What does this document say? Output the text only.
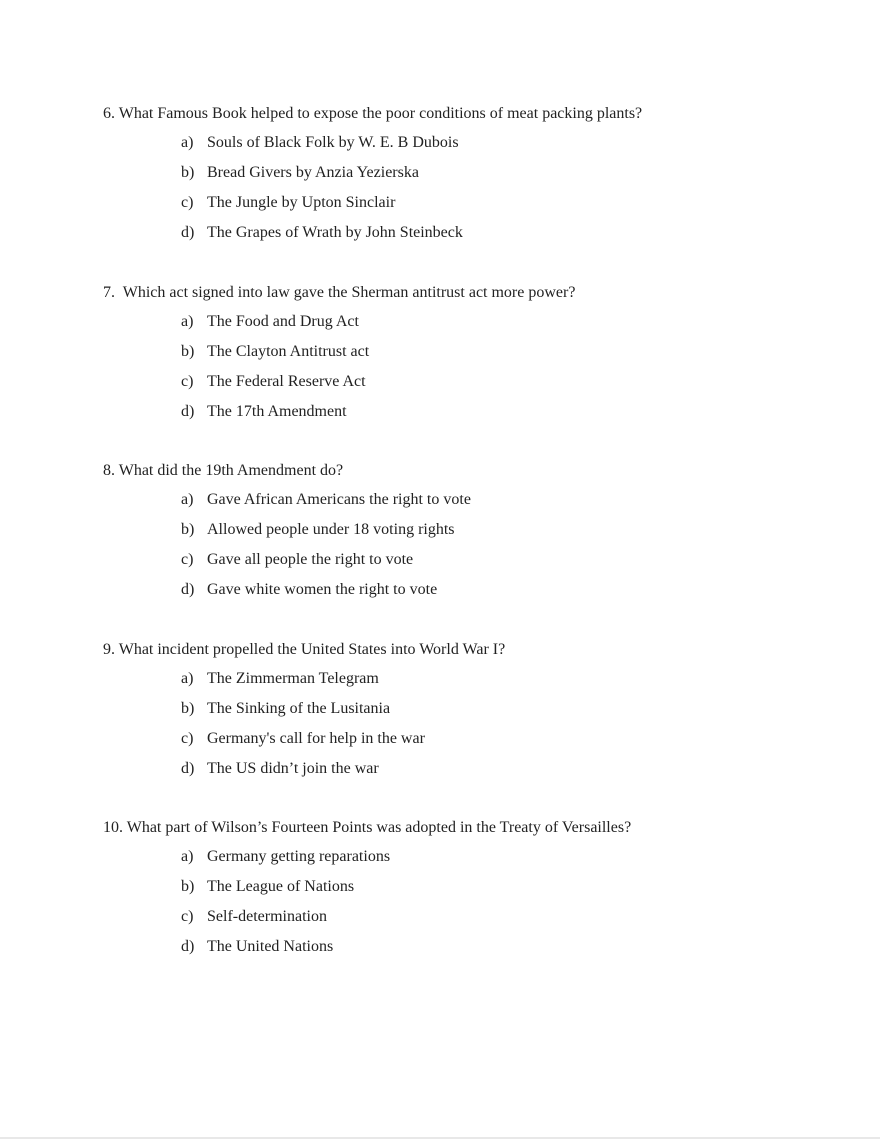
6. What Famous Book helped to expose the poor conditions of meat packing plants?

a) Souls of Black Folk by W. E. B Dubois
b) Bread Givers by Anzia Yezierska
c) The Jungle by Upton Sinclair
d) The Grapes of Wrath by John Steinbeck

7.  Which act signed into law gave the Sherman antitrust act more power?

a) The Food and Drug Act
b) The Clayton Antitrust act
c) The Federal Reserve Act
d) The 17th Amendment

8. What did the 19th Amendment do?

a) Gave African Americans the right to vote
b) Allowed people under 18 voting rights
c) Gave all people the right to vote
d) Gave white women the right to vote

9. What incident propelled the United States into World War I?

a) The Zimmerman Telegram
b) The Sinking of the Lusitania
c) Germany's call for help in the war
d) The US didn’t join the war

10. What part of Wilson’s Fourteen Points was adopted in the Treaty of Versailles?

a) Germany getting reparations
b) The League of Nations
c) Self-determination
d) The United Nations
